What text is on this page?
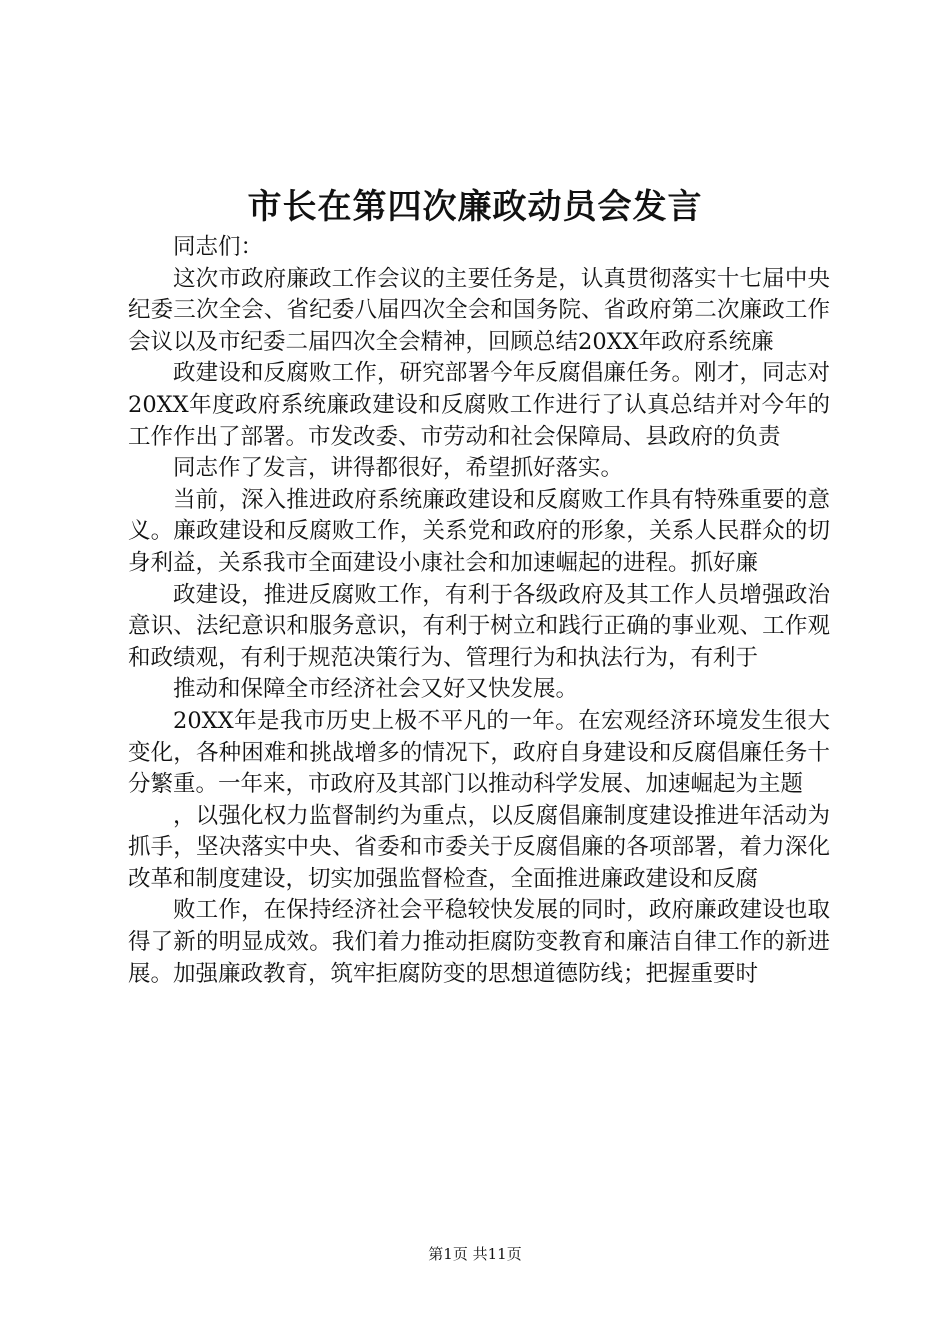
市长在第四次廉政动员会发言

同志们：

这次市政府廉政工作会议的主要任务是，认真贯彻落实十七届中央纪委三次全会、省纪委八届四次全会和国务院、省政府第二次廉政工作会议以及市纪委二届四次全会精神，回顾总结20XX年政府系统廉

政建设和反腐败工作，研究部署今年反腐倡廉任务。刚才，同志对20XX年度政府系统廉政建设和反腐败工作进行了认真总结并对今年的工作作出了部署。市发改委、市劳动和社会保障局、县政府的负责

同志作了发言，讲得都很好，希望抓好落实。

当前，深入推进政府系统廉政建设和反腐败工作具有特殊重要的意义。廉政建设和反腐败工作，关系党和政府的形象，关系人民群众的切身利益，关系我市全面建设小康社会和加速崛起的进程。抓好廉

政建设，推进反腐败工作，有利于各级政府及其工作人员增强政治意识、法纪意识和服务意识，有利于树立和践行正确的事业观、工作观和政绩观，有利于规范决策行为、管理行为和执法行为，有利于

推动和保障全市经济社会又好又快发展。

20XX年是我市历史上极不平凡的一年。在宏观经济环境发生很大变化，各种困难和挑战增多的情况下，政府自身建设和反腐倡廉任务十分繁重。一年来，市政府及其部门以推动科学发展、加速崛起为主题

，以强化权力监督制约为重点，以反腐倡廉制度建设推进年活动为抓手，坚决落实中央、省委和市委关于反腐倡廉的各项部署，着力深化改革和制度建设，切实加强监督检查，全面推进廉政建设和反腐

败工作，在保持经济社会平稳较快发展的同时，政府廉政建设也取得了新的明显成效。我们着力推动拒腐防变教育和廉洁自律工作的新进展。加强廉政教育，筑牢拒腐防变的思想道德防线；把握重要时

第1页 共11页
